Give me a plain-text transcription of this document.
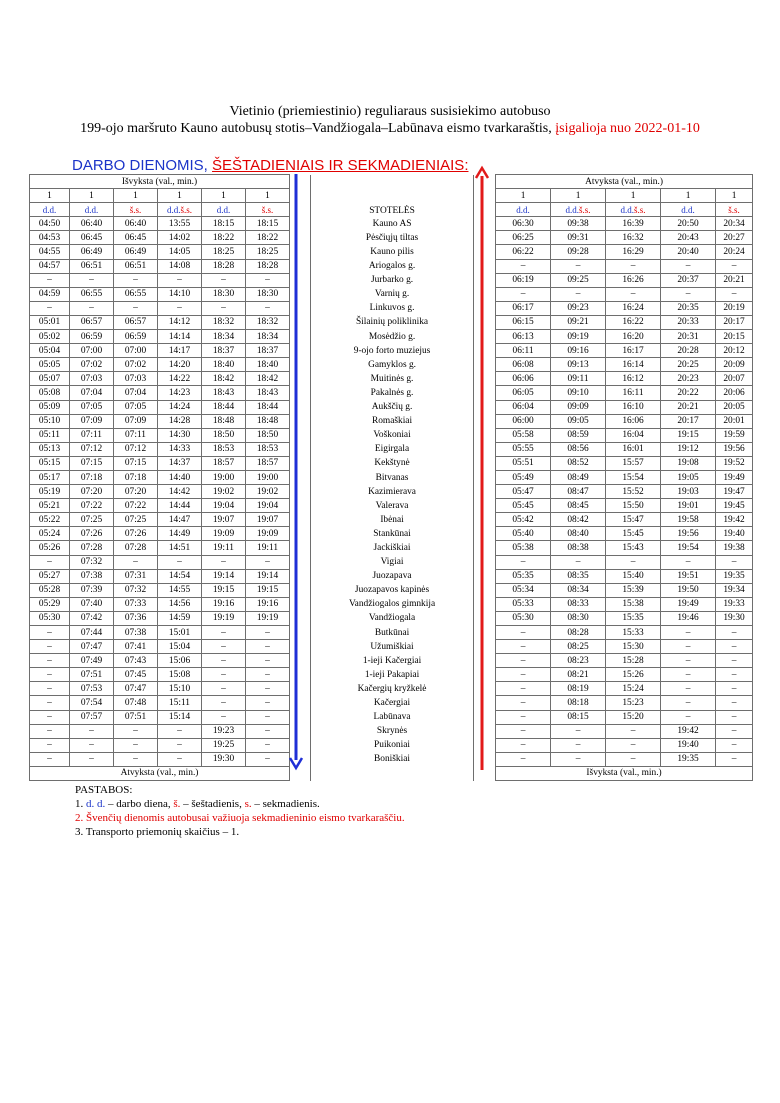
Vietinio (priemiestinio) reguliaraus susisiekimo autobuso
199-ojo maršruto Kauno autobusų stotis–Vandžiogala–Labūnava eismo tvarkaraštis, įsigalioja nuo 2022-01-10
DARBO DIENOMIS, ŠEŠTADIENIAIS IR SEKMADIENIAIS:
Išvyksta (val., min.)									Atvyksta (val., min.)				
1	1	1	1	1	1		STOTELĖS		1	1	1	1	1
d.d.	d.d.	š.s.	d.d.š.s.	d.d.	š.s.				d.d.	d.d.š.s.	d.d.š.s.	d.d.	š.s.
04:50	06:40	06:40	13:55	18:15	18:15		Kauno AS		06:30	09:38	16:39	20:50	20:34
04:53	06:45	06:45	14:02	18:22	18:22		Pėsčiųjų tiltas		06:25	09:31	16:32	20:43	20:27
04:55	06:49	06:49	14:05	18:25	18:25		Kauno pilis		06:22	09:28	16:29	20:40	20:24
04:57	06:51	06:51	14:08	18:28	18:28		Ariogalos g.		–	–	–	–	–
–	–	–	–	–	–		Jurbarko g.		06:19	09:25	16:26	20:37	20:21
04:59	06:55	06:55	14:10	18:30	18:30		Varnių g.		–	–	–	–	–
–	–	–	–	–	–		Linkuvos g.		06:17	09:23	16:24	20:35	20:19
05:01	06:57	06:57	14:12	18:32	18:32		Šilainių poliklinika		06:15	09:21	16:22	20:33	20:17
05:02	06:59	06:59	14:14	18:34	18:34		Mosėdžio g.		06:13	09:19	16:20	20:31	20:15
05:04	07:00	07:00	14:17	18:37	18:37		9-ojo forto muziejus		06:11	09:16	16:17	20:28	20:12
05:05	07:02	07:02	14:20	18:40	18:40		Gamyklos g.		06:08	09:13	16:14	20:25	20:09
05:07	07:03	07:03	14:22	18:42	18:42		Muitinės g.		06:06	09:11	16:12	20:23	20:07
05:08	07:04	07:04	14:23	18:43	18:43		Pakalnės g.		06:05	09:10	16:11	20:22	20:06
05:09	07:05	07:05	14:24	18:44	18:44		Aukščių g.		06:04	09:09	16:10	20:21	20:05
05:10	07:09	07:09	14:28	18:48	18:48		Romaškiai		06:00	09:05	16:06	20:17	20:01
05:11	07:11	07:11	14:30	18:50	18:50		Voškoniai		05:58	08:59	16:04	19:15	19:59
05:13	07:12	07:12	14:33	18:53	18:53		Eigirgala		05:55	08:56	16:01	19:12	19:56
05:15	07:15	07:15	14:37	18:57	18:57		Kekštynė		05:51	08:52	15:57	19:08	19:52
05:17	07:18	07:18	14:40	19:00	19:00		Bitvanas		05:49	08:49	15:54	19:05	19:49
05:19	07:20	07:20	14:42	19:02	19:02		Kazimierava		05:47	08:47	15:52	19:03	19:47
05:21	07:22	07:22	14:44	19:04	19:04		Valerava		05:45	08:45	15:50	19:01	19:45
05:22	07:25	07:25	14:47	19:07	19:07		Ibėnai		05:42	08:42	15:47	19:58	19:42
05:24	07:26	07:26	14:49	19:09	19:09		Stankūnai		05:40	08:40	15:45	19:56	19:40
05:26	07:28	07:28	14:51	19:11	19:11		Jackiškiai		05:38	08:38	15:43	19:54	19:38
–	07:32	–	–	–	–		Vigiai		–	–	–	–	–
05:27	07:38	07:31	14:54	19:14	19:14		Juozapava		05:35	08:35	15:40	19:51	19:35
05:28	07:39	07:32	14:55	19:15	19:15		Juozapavos kapinės		05:34	08:34	15:39	19:50	19:34
05:29	07:40	07:33	14:56	19:16	19:16		Vandžiogalos gimnkija		05:33	08:33	15:38	19:49	19:33
05:30	07:42	07:36	14:59	19:19	19:19		Vandžiogala		05:30	08:30	15:35	19:46	19:30
–	07:44	07:38	15:01	–	–		Butkūnai		–	08:28	15:33	–	–
–	07:47	07:41	15:04	–	–		Užumiškiai		–	08:25	15:30	–	–
–	07:49	07:43	15:06	–	–		1-ieji Kačergiai		–	08:23	15:28	–	–
–	07:51	07:45	15:08	–	–		1-ieji Pakapiai		–	08:21	15:26	–	–
–	07:53	07:47	15:10	–	–		Kačergių kryžkelė		–	08:19	15:24	–	–
–	07:54	07:48	15:11	–	–		Kačergiai		–	08:18	15:23	–	–
–	07:57	07:51	15:14	–	–		Labūnava		–	08:15	15:20	–	–
–	–	–	–	19:23	–		Skrynės		–	–	–	19:42	–
–	–	–	–	19:25	–		Puikoniai		–	–	–	19:40	–
–	–	–	–	19:30	–		Boniškiai		–	–	–	19:35	–
Atvyksta (val., min.)									Išvyksta (val., min.)				
PASTABOS:
1. d. d. – darbo diena, š. – šeštadienis, s. – sekmadienis.
2. Švenčių dienomis autobusai važiuoja sekmadieninio eismo tvarkaraščiu.
3. Transporto priemonių skaičius – 1.
